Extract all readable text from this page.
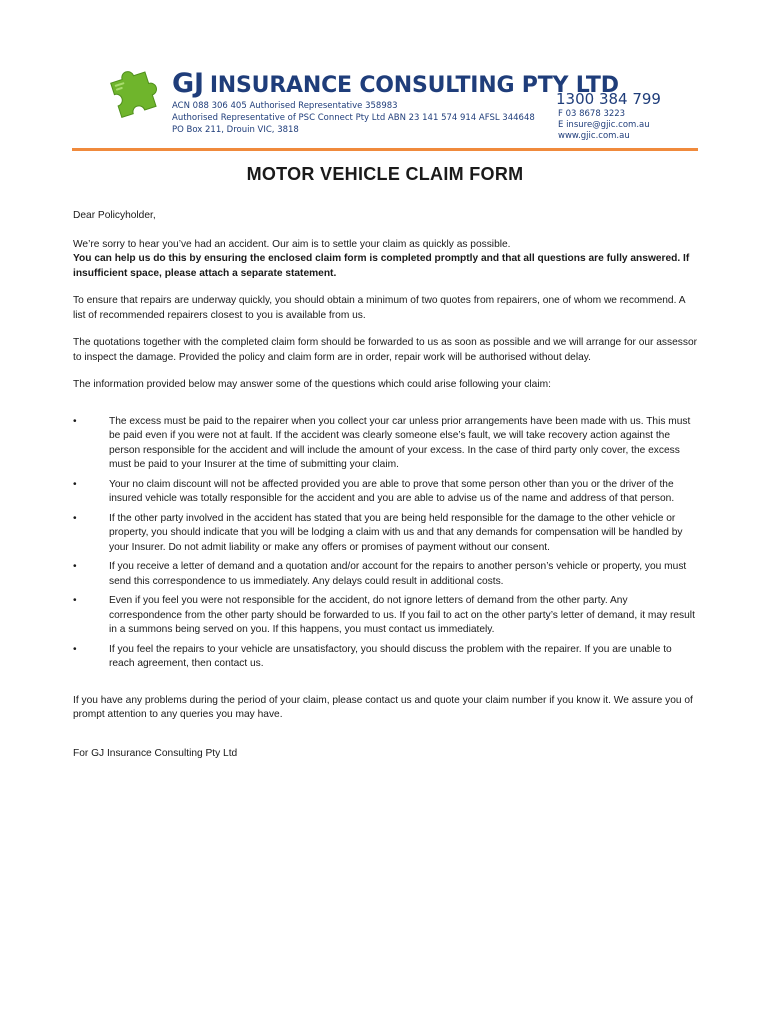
GJ INSURANCE CONSULTING PTY LTD
ACN 088 306 405 Authorised Representative 358983
Authorised Representative of PSC Connect Pty Ltd ABN 23 141 574 914 AFSL 344648
PO Box 211, Drouin VIC, 3818
1300 384 799
F 03 8678 3223
E insure@gjic.com.au
www.gjic.com.au
MOTOR VEHICLE CLAIM FORM

Dear Policyholder,

We’re sorry to hear you’ve had an accident. Our aim is to settle your claim as quickly as possible.

You can help us do this by ensuring the enclosed claim form is completed promptly and that all questions are fully answered. If insufficient space, please attach a separate statement.

To ensure that repairs are underway quickly, you should obtain a minimum of two quotes from repairers, one of whom we recommend. A list of recommended repairers closest to you is available from us.

The quotations together with the completed claim form should be forwarded to us as soon as possible and we will arrange for our assessor to inspect the damage. Provided the policy and claim form are in order, repair work will be authorised without delay.

The information provided below may answer some of the questions which could arise following your claim:

•	The excess must be paid to the repairer when you collect your car unless prior arrangements have been made with us. This must be paid even if you were not at fault. If the accident was clearly someone else’s fault, we will take recovery action against the person responsible for the accident and will include the amount of your excess. In the case of third party only cover, the excess must be paid to your Insurer at the time of submitting your claim.
•	Your no claim discount will not be affected provided you are able to prove that some person other than you or the driver of the insured vehicle was totally responsible for the accident and you are able to advise us of the name and address of that person.
•	If the other party involved in the accident has stated that you are being held responsible for the damage to the other vehicle or property, you should indicate that you will be lodging a claim with us and that any demands for compensation will be handled by your Insurer. Do not admit liability or make any offers or promises of payment without our consent.
•	If you receive a letter of demand and a quotation and/or account for the repairs to another person’s vehicle or property, you must send this correspondence to us immediately. Any delays could result in additional costs.
•	Even if you feel you were not responsible for the accident, do not ignore letters of demand from the other party. Any correspondence from the other party should be forwarded to us. If you fail to act on the other party’s letter of demand, it may result in a summons being served on you. If this happens, you must contact us immediately.
•	If you feel the repairs to your vehicle are unsatisfactory, you should discuss the problem with the repairer. If you are unable to reach agreement, then contact us.

If you have any problems during the period of your claim, please contact us and quote your claim number if you know it. We assure you of prompt attention to any queries you may have.

For GJ Insurance Consulting Pty Ltd
